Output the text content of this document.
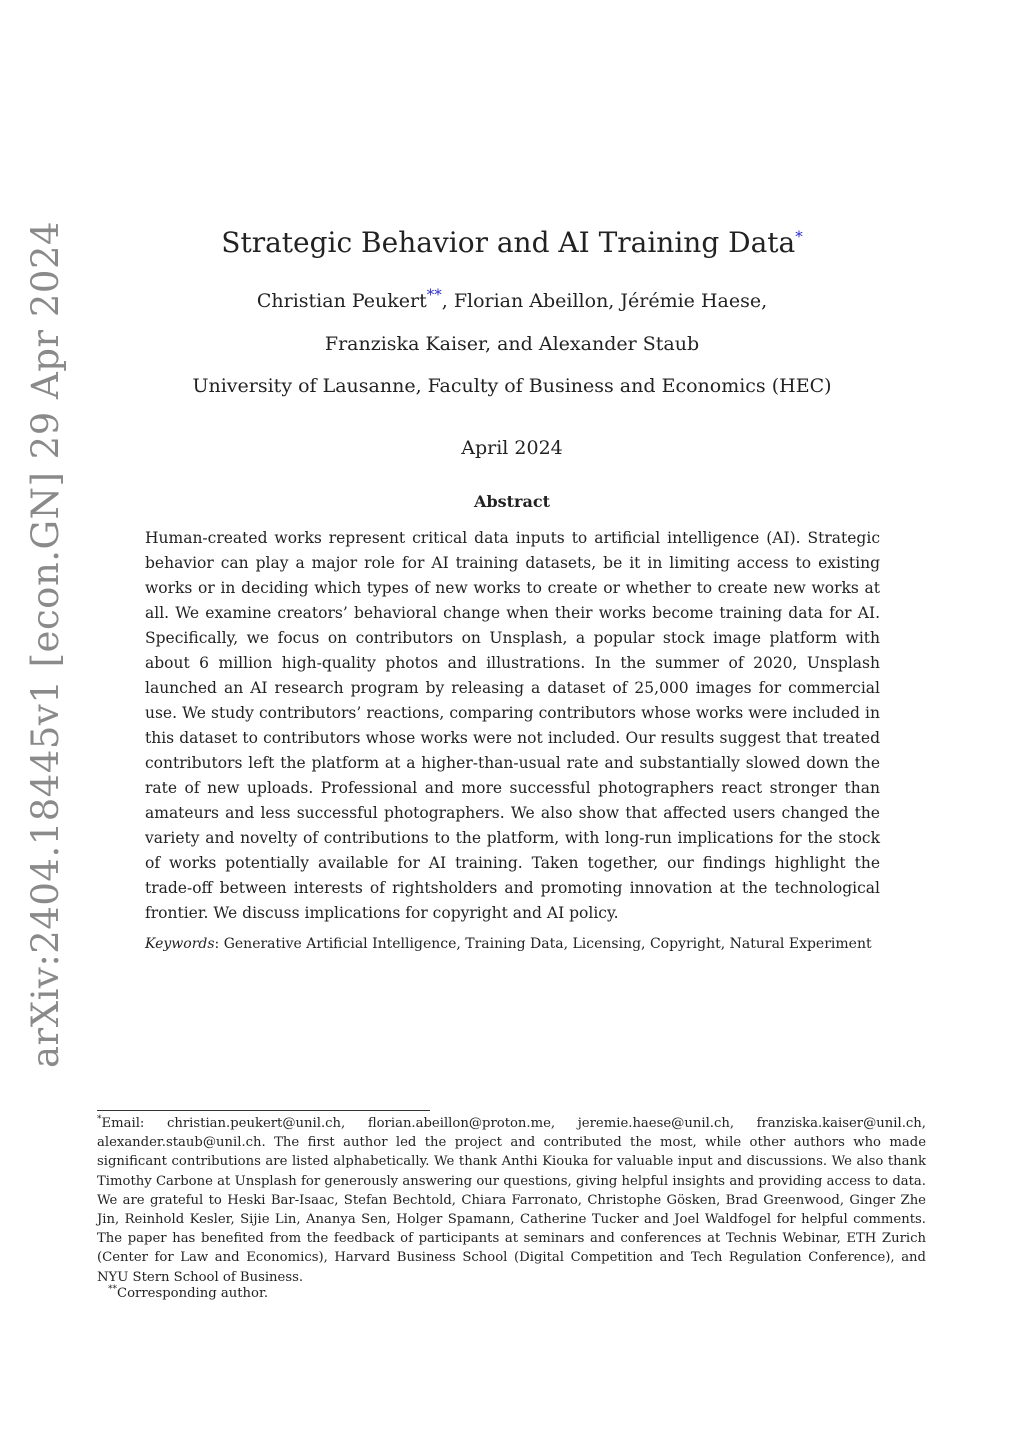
arXiv:2404.18445v1 [econ.GN] 29 Apr 2024	Strategic Behavior and AI Training Data*
Christian Peukert**, Florian Abeillon, Jérémie Haese,
Franziska Kaiser, and Alexander Staub
University of Lausanne, Faculty of Business and Economics (HEC)
April 2024
Abstract
Human-created works represent critical data inputs to artificial intelligence (AI). Strategic behavior can play a major role for AI training datasets, be it in limiting access to existing works or in deciding which types of new works to create or whether to create new works at all. We examine creators’ behavioral change when their works become training data for AI. Specifically, we focus on contributors on Unsplash, a popular stock image platform with about 6 million high-quality photos and illustrations. In the summer of 2020, Unsplash launched an AI research program by releasing a dataset of 25,000 images for commercial use. We study contributors’ reactions, comparing contributors whose works were included in this dataset to contributors whose works were not included. Our results suggest that treated contributors left the platform at a higher-than-usual rate and substantially slowed down the rate of new uploads. Professional and more successful photographers react stronger than amateurs and less successful photographers. We also show that affected users changed the variety and novelty of contributions to the platform, with long-run implications for the stock of works potentially available for AI training. Taken together, our findings highlight the trade-off between interests of rightsholders and promoting innovation at the technological frontier. We discuss implications for copyright and AI policy.
Keywords: Generative Artificial Intelligence, Training Data, Licensing, Copyright, Natural Experiment
*Email: christian.peukert@unil.ch, florian.abeillon@proton.me, jeremie.haese@unil.ch, franziska.kaiser@unil.ch, alexander.staub@unil.ch. The first author led the project and contributed the most, while other authors who made significant contributions are listed alphabetically. We thank Anthi Kiouka for valuable input and discussions. We also thank Timothy Carbone at Unsplash for generously answering our questions, giving helpful insights and providing access to data. We are grateful to Heski Bar-Isaac, Stefan Bechtold, Chiara Farronato, Christophe Gösken, Brad Greenwood, Ginger Zhe Jin, Reinhold Kesler, Sijie Lin, Ananya Sen, Holger Spamann, Catherine Tucker and Joel Waldfogel for helpful comments. The paper has benefited from the feedback of participants at seminars and conferences at Technis Webinar, ETH Zurich (Center for Law and Economics), Harvard Business School (Digital Competition and Tech Regulation Conference), and NYU Stern School of Business.
**Corresponding author.
